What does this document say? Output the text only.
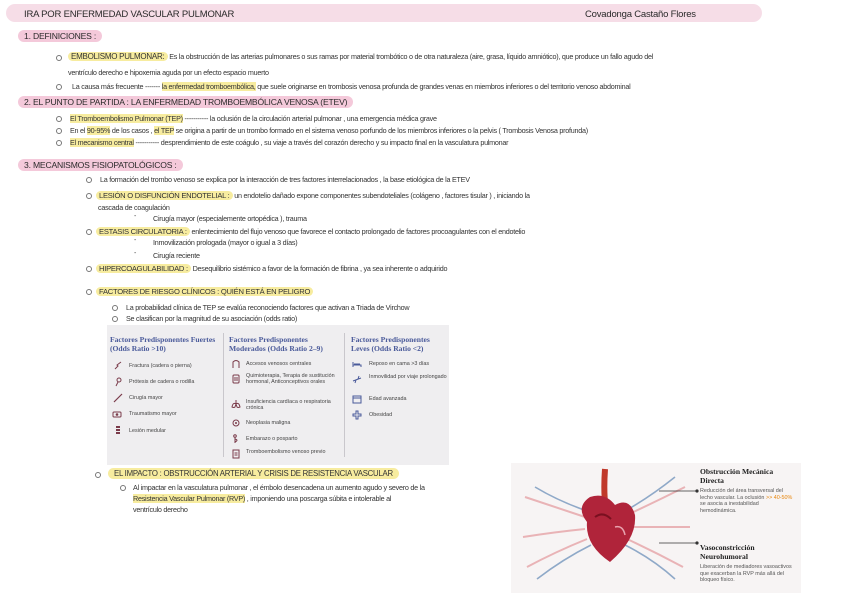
IRA POR ENFERMEDAD VASCULAR PULMONAR	Covadonga Castaño Flores
1. DEFINICIONES :
EMBOLISMO PULMONAR: Es la obstrucción de las arterias pulmonares o sus ramas por material trombótico o de otra naturaleza (aire, grasa, líquido amniótico), que produce un fallo agudo del
ventrículo derecho e hipoxemia aguda por un efecto espacio muerto
La causa más frecuente ------- la enfermedad tromboembólica, que suele originarse en trombosis venosa profunda de grandes venas en miembros inferiores o del territorio venoso abdominal
2. EL PUNTO DE PARTIDA : LA ENFERMEDAD TROMBOEMBÓLICA VENOSA (ETEV)
El Tromboembolismo Pulmonar (TEP) ----------- la oclusión de la circulación arterial pulmonar , una emergencia médica grave
En el 90-95% de los casos , el TEP se origina a partir de un trombo formado en el sistema venoso porfundo de los miembros inferiores o la pelvis ( Trombosis Venosa profunda)
El mecanismo central ----------- desprendimiento de este coágulo , su viaje a través del corazón derecho y su impacto final en la vasculatura pulmonar
3. MECANISMOS FISIOPATOLÓGICOS :
La formación del trombo venoso se explica por la interacción de tres factores interrelacionados , la base etiológica de la ETEV
LESIÓN O DISFUNCIÓN ENDOTELIAL : un endotelio dañado expone componentes subendoteliales (colágeno , factores tisular ) , iniciando la
cascada de coagulación
- Cirugía mayor (especialemente ortopédica ), trauma
ESTASIS CIRCULATORIA : enlentecimiento del flujo venoso que favorece el contacto prolongado de factores procoagulantes con el endotelio
- Inmovilización prologada (mayor o igual a 3 días)
- Cirugía reciente
HIPERCOAGULABILIDAD : Desequilibrio sistémico a favor de la formación de fibrina , ya sea inherente o adquirido
FACTORES DE RIESGO CLÍNICOS : QUIÉN ESTÁ EN PELIGRO
La probabilidad clínica de TEP se evalúa reconociendo factores que activan a Triada de Virchow
Se clasifican por la magnitud de su asociación (odds ratio)
Factores Predisponentes Fuertes (Odds Ratio >10)
Factores Predisponentes Moderados (Odds Ratio 2–9)
Factores Predisponentes Leves (Odds Ratio <2)
Fractura (cadera o pierna)
Prótesis de cadera o rodilla
Cirugía mayor
Traumatismo mayor
Lesión medular
Accesos venosos centrales
Quimioterapia, Terapia de sustitución hormonal, Anticonceptivos orales
Insuficiencia cardíaca o respiratoria crónica
Neoplasia maligna
Embarazo o posparto
Tromboembolismo venoso previo
Reposo en cama >3 días
Inmovilidad por viaje prolongado
Edad avanzada
Obesidad
EL IMPACTO : OBSTRUCCIÓN ARTERIAL Y CRISIS DE RESISTENCIA VASCULAR
Al impactar en la vasculatura pulmonar , el émbolo desencadena un aumento agudo y severo de la
Resistencia Vascular Pulmonar (RVP) , imponiendo una poscarga súbita e intolerable al
ventrículo derecho
Obstrucción Mecánica Directa
Reducción del área transversal del lecho vascular. La oclusión >> 40-50% se asocia a inestabilidad hemodinámica.
Vasoconstricción Neurohumoral
Liberación de mediadores vasoactivos que exacerban la RVP más allá del bloqueo físico.
